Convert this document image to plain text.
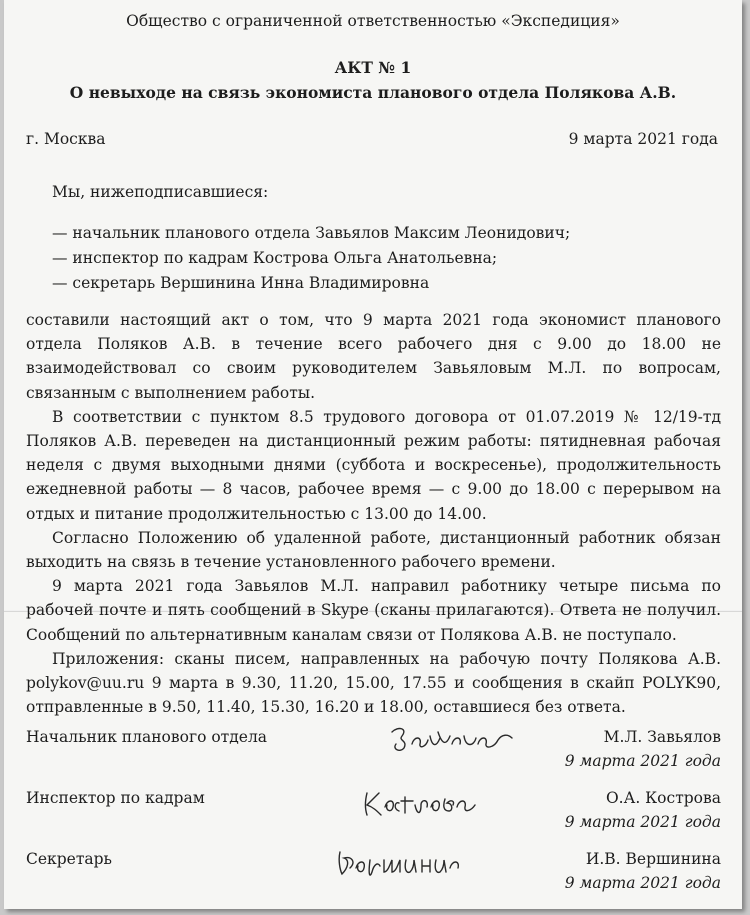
Общество с ограниченной ответственностью «Экспедиция»
АКТ № 1
О невыходе на связь экономиста планового отдела Полякова А.В.
г. Москва	9 марта 2021 года
Мы, нижеподписавшиеся:
— начальник планового отдела Завьялов Максим Леонидович;
— инспектор по кадрам Кострова Ольга Анатольевна;
— секретарь Вершинина Инна Владимировна

составили настоящий акт о том, что 9 марта 2021 года экономист планового отдела Поляков А.В. в течение всего рабочего дня с 9.00 до 18.00 не взаимодействовал со своим руководителем Завьяловым М.Л. по вопросам, связанным с выполнением работы.

В соответствии с пунктом 8.5 трудового договора от 01.07.2019 № 12/19-тд Поляков А.В. переведен на дистанционный режим работы: пятидневная рабочая неделя с двумя выходными днями (суббота и воскресенье), продолжительность ежедневной работы — 8 часов, рабочее время — с 9.00 до 18.00 с перерывом на отдых и питание продолжительностью с 13.00 до 14.00.

Согласно Положению об удаленной работе, дистанционный работник обязан выходить на связь в течение установленного рабочего времени.

9 марта 2021 года Завьялов М.Л. направил работнику четыре письма по рабочей почте и пять сообщений в Skype (сканы прилагаются). Ответа не получил. Сообщений по альтернативным каналам связи от Полякова А.В. не поступало.

Приложения: сканы писем, направленных на рабочую почту Полякова А.В. polykov@uu.ru 9 марта в 9.30, 11.20, 15.00, 17.55 и сообщения в скайп POLYK90, отправленные в 9.50, 11.40, 15.30, 16.20 и 18.00, оставшиеся без ответа.

Начальник планового отдела	М.Л. Завьялов
9 марта 2021 года
Инспектор по кадрам	О.А. Кострова
9 марта 2021 года
Секретарь	И.В. Вершинина
9 марта 2021 года
